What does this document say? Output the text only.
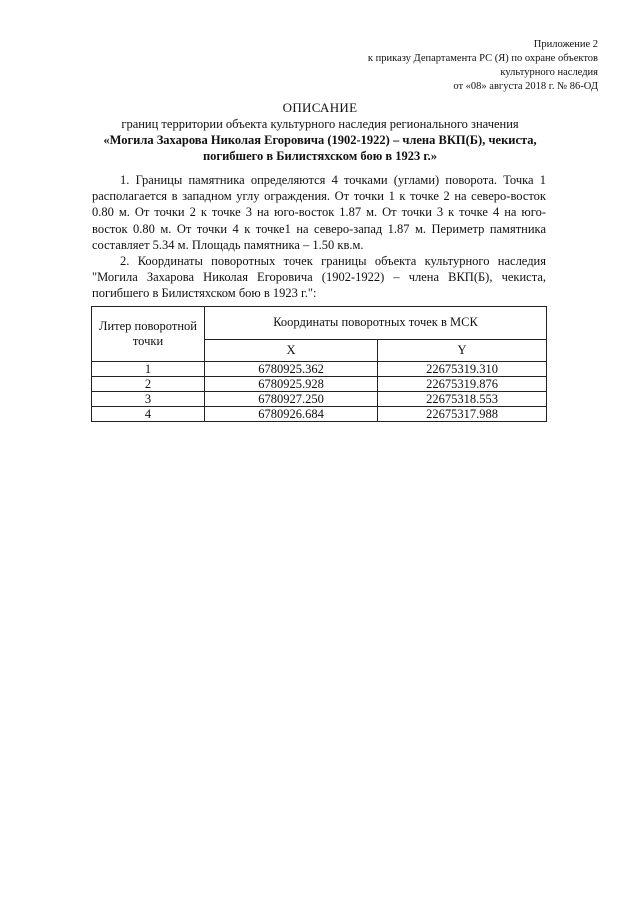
Приложение 2
к приказу Департамента РС (Я) по охране объектов
культурного наследия
от «08» августа 2018 г. № 86-ОД
ОПИСАНИЕ
границ территории объекта культурного наследия регионального значения
«Могила Захарова Николая Егоровича (1902-1922) – члена ВКП(Б), чекиста,
погибшего в Билистяхском бою в 1923 г.»

1. Границы памятника определяются 4 точками (углами) поворота. Точка 1 располагается в западном углу ограждения. От точки 1 к точке 2 на северо-восток 0.80 м. От точки 2 к точке 3 на юго-восток 1.87 м. От точки 3 к точке 4 на юго-восток 0.80 м. От точки 4 к точке1 на северо-запад 1.87 м. Периметр памятника составляет 5.34 м. Площадь памятника – 1.50 кв.м.

2. Координаты поворотных точек границы объекта культурного наследия "Могила Захарова Николая Егоровича (1902-1922) – члена ВКП(Б), чекиста, погибшего в Билистяхском бою в 1923 г.":

Литер поворотной точки	Координаты поворотных точек в МСК	
	X	Y
1	6780925.362	22675319.310
2	6780925.928	22675319.876
3	6780927.250	22675318.553
4	6780926.684	22675317.988
